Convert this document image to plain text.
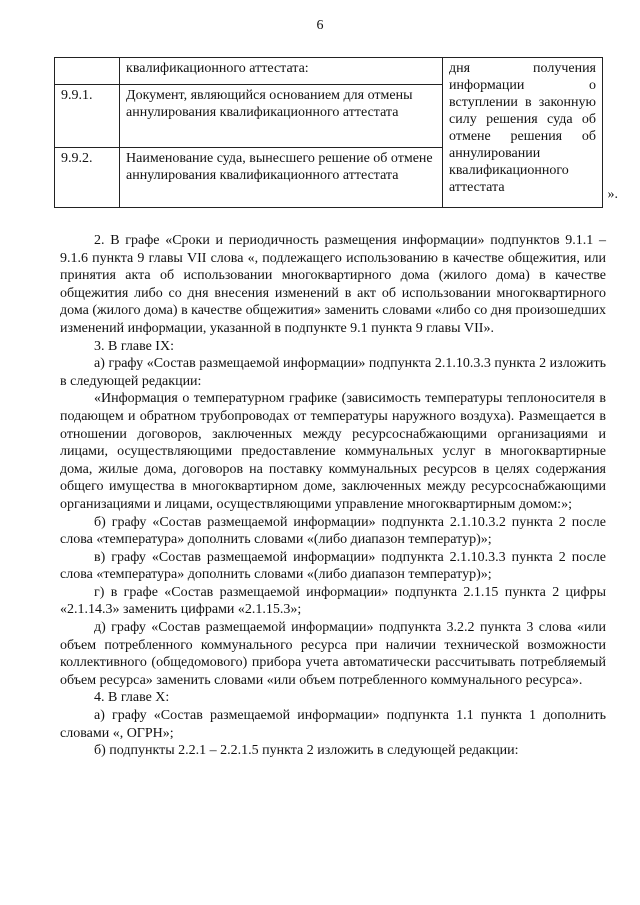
6
	квалификационного аттестата:	дня получения информации о вступлении в законную силу решения суда об отмене решения об аннулировании квалификационного аттестата ».

9.9.1.	Документ, являющийся основанием для отмены аннулирования квалификационного аттестата	
9.9.2.	Наименование суда, вынесшего решение об отмене аннулирования квалификационного аттестата	

2. В графе «Сроки и периодичность размещения информации» подпунктов 9.1.1 – 9.1.6 пункта 9 главы VII слова «, подлежащего использованию в качестве общежития, или принятия акта об использовании многоквартирного дома (жилого дома) в качестве общежития либо со дня внесения изменений в акт об использовании многоквартирного дома (жилого дома) в качестве общежития» заменить словами «либо со дня произошедших изменений информации, указанной в подпункте 9.1 пункта 9 главы VII».

3. В главе IX:

а) графу «Состав размещаемой информации» подпункта 2.1.10.3.3 пункта 2 изложить в следующей редакции:

«Информация о температурном графике (зависимость температуры теплоносителя в подающем и обратном трубопроводах от температуры наружного воздуха). Размещается в отношении договоров, заключенных между ресурсоснабжающими организациями и лицами, осуществляющими предоставление коммунальных услуг в многоквартирные дома, жилые дома, договоров на поставку коммунальных ресурсов в целях содержания общего имущества в многоквартирном доме, заключенных между ресурсоснабжающими организациями и лицами, осуществляющими управление многоквартирным домом:»;

б) графу «Состав размещаемой информации» подпункта 2.1.10.3.2 пункта 2 после слова «температура» дополнить словами «(либо диапазон температур)»;

в) графу «Состав размещаемой информации» подпункта 2.1.10.3.3 пункта 2 после слова «температура» дополнить словами «(либо диапазон температур)»;

г) в графе «Состав размещаемой информации» подпункта 2.1.15 пункта 2 цифры «2.1.14.3» заменить цифрами «2.1.15.3»;

д) графу «Состав размещаемой информации» подпункта 3.2.2 пункта 3 слова «или объем потребленного коммунального ресурса при наличии технической возможности коллективного (общедомового) прибора учета автоматически рассчитывать потребляемый объем ресурса» заменить словами «или объем потребленного коммунального ресурса».

4. В главе X:

а) графу «Состав размещаемой информации» подпункта 1.1 пункта 1 дополнить словами «, ОГРН»;

б) подпункты 2.2.1 – 2.2.1.5 пункта 2 изложить в следующей редакции:
